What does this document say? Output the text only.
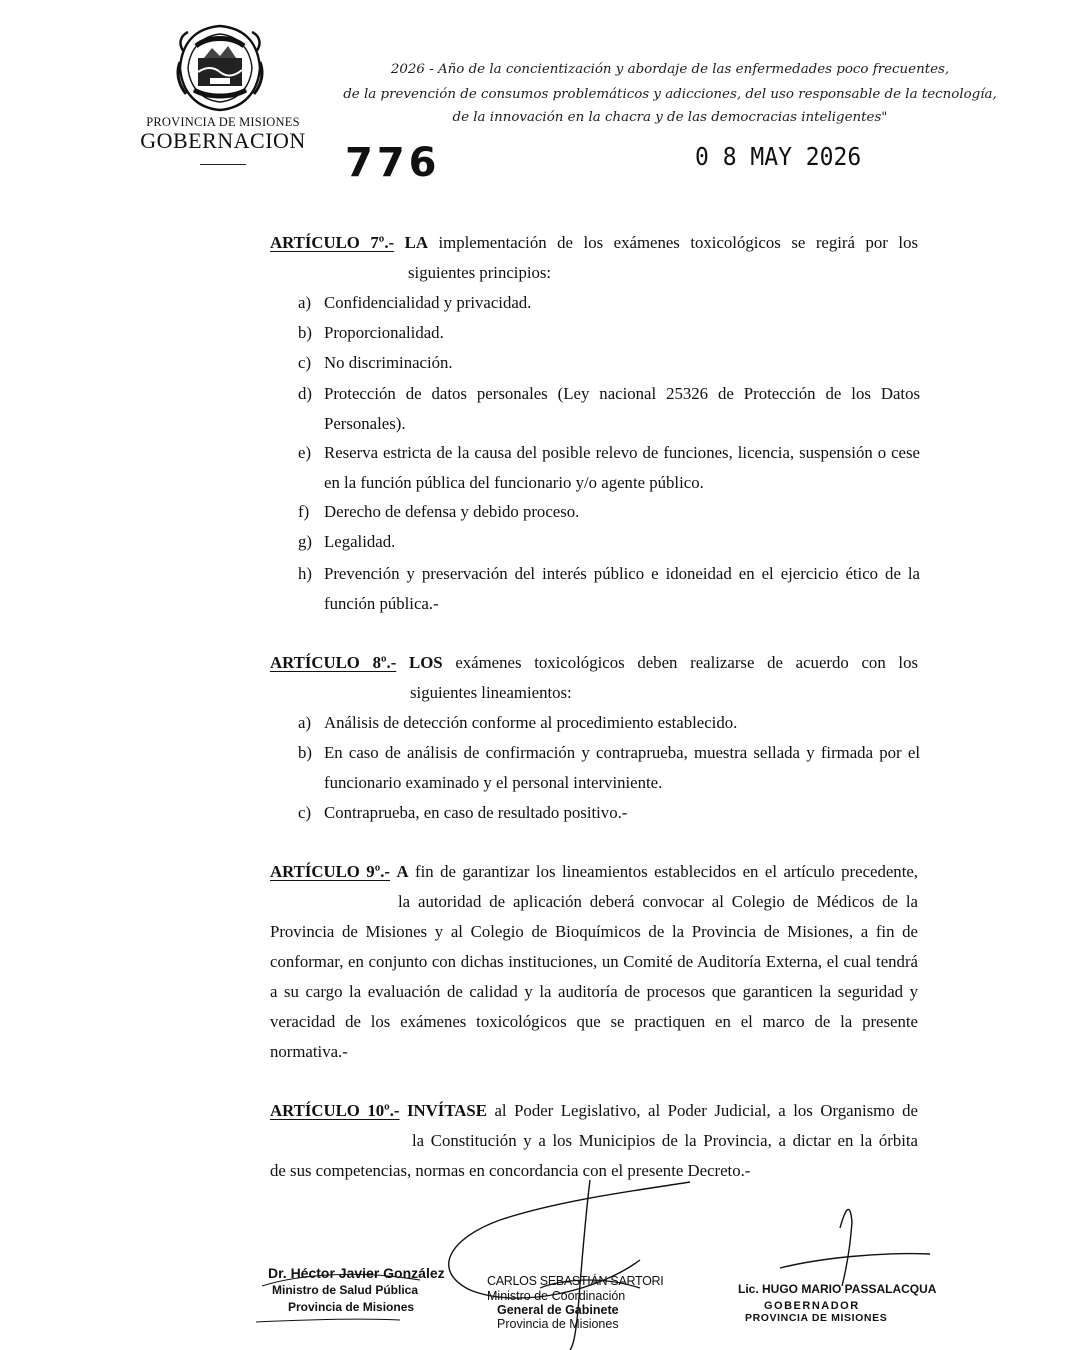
PROVINCIA DE MISIONES
GOBERNACION
2026 - Año de la concientización y abordaje de las enfermedades poco frecuentes,
de la prevención de consumos problemáticos y adicciones, del uso responsable de la tecnología,
de la innovación en la chacra y de las democracias inteligentes"
776	0 8 MAY 2026
ARTÍCULO 7º.- LA implementación de los exámenes toxicológicos se regirá por los
siguientes principios:
a) Confidencialidad y privacidad.
b) Proporcionalidad.
c) No discriminación.
d) Protección de datos personales (Ley nacional 25326 de Protección de los Datos Personales).
e) Reserva estricta de la causa del posible relevo de funciones, licencia, suspensión o cese en la función pública del funcionario y/o agente público.
f) Derecho de defensa y debido proceso.
g) Legalidad.
h) Prevención y preservación del interés público e idoneidad en el ejercicio ético de la función pública.-
ARTÍCULO 8º.- LOS exámenes toxicológicos deben realizarse de acuerdo con los
siguientes lineamientos:
a) Análisis de detección conforme al procedimiento establecido.
b) En caso de análisis de confirmación y contraprueba, muestra sellada y firmada por el funcionario examinado y el personal interviniente.
c) Contraprueba, en caso de resultado positivo.-
ARTÍCULO 9º.- A fin de garantizar los lineamientos establecidos en el artículo precedente,
la autoridad de aplicación deberá convocar al Colegio de Médicos de la
Provincia de Misiones y al Colegio de Bioquímicos de la Provincia de Misiones, a fin de conformar, en conjunto con dichas instituciones, un Comité de Auditoría Externa, el cual tendrá a su cargo la evaluación de calidad y la auditoría de procesos que garanticen la seguridad y veracidad de los exámenes toxicológicos que se practiquen en el marco de la presente normativa.-
ARTÍCULO 10º.- INVÍTASE al Poder Legislativo, al Poder Judicial, a los Organismo de
la Constitución y a los Municipios de la Provincia, a dictar en la órbita
de sus competencias, normas en concordancia con el presente Decreto.-
Dr. Héctor Javier González
Ministro de Salud Pública
Provincia de Misiones
CARLOS SEBASTIÁN SARTORI
Ministro de Coordinación
General de Gabinete
Provincia de Misiones
Lic. HUGO MARIO PASSALACQUA
GOBERNADOR
PROVINCIA DE MISIONES
